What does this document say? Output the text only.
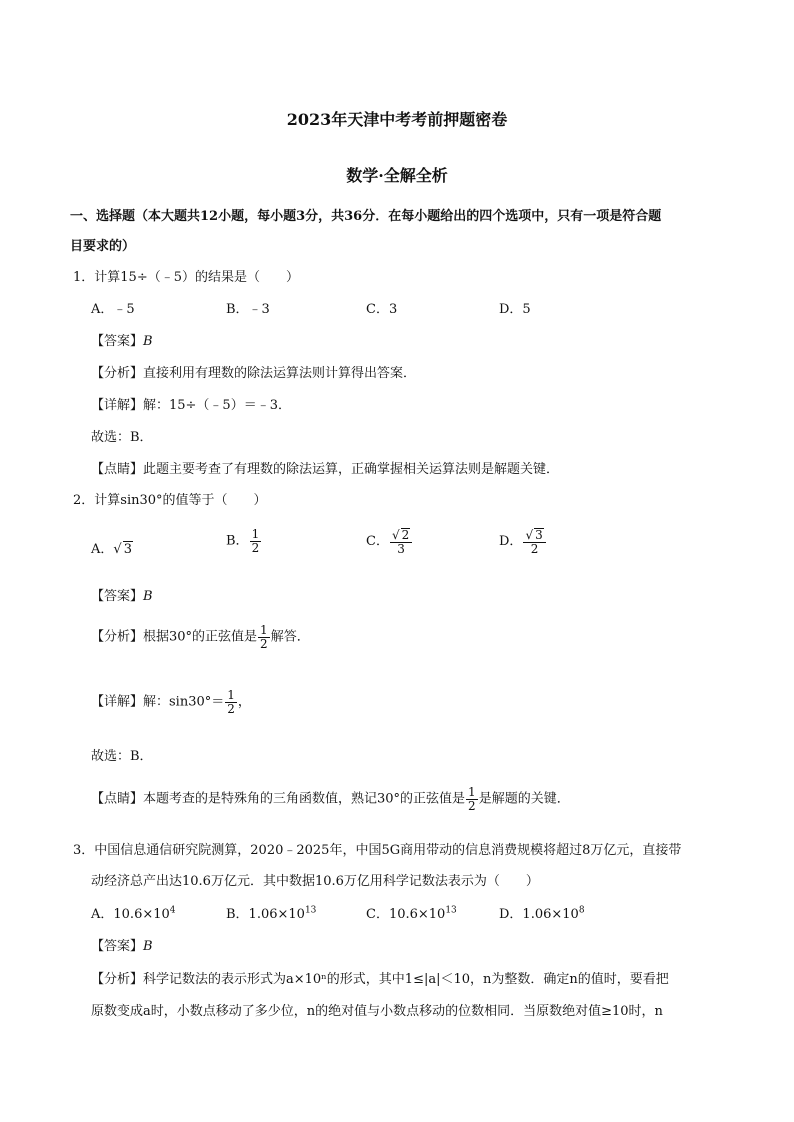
2023年天津中考考前押题密卷
数学·全解全析
一、选择题（本大题共12小题，每小题3分，共36分．在每小题给出的四个选项中，只有一项是符合题
目要求的）
1．计算15÷（﹣5）的结果是（　　）
A．﹣5	B．﹣3	C．3	D．5
【答案】B
【分析】直接利用有理数的除法运算法则计算得出答案．
【详解】解：15÷（﹣5）＝﹣3．
故选：B．
【点睛】此题主要考查了有理数的除法运算，正确掌握相关运算法则是解题关键．
2．计算sin30°的值等于（　　）
A．√ 3
B． $\frac{1}{2}$	C． $\frac{√ 2}{3}$	D． $\frac{√ 3}{2}$
【答案】B
【分析】根据30°的正弦值是 $\frac{1}{2}$ 解答．
【详解】解：$\sin 30^\circ= \frac{1}{2}$ ，
故选：B．
【点睛】本题考查的是特殊角的三角函数值，熟记30°的正弦值是 $\frac{1}{2}$ 是解题的关键．
3．中国信息通信研究院测算，2020﹣2025年，中国5G商用带动的信息消费规模将超过8万亿元，直接带
动经济总产出达10.6万亿元．其中数据10.6万亿用科学记数法表示为（　　）
A．$10.6\times 10^4$	B．$1.06\times 10^{13}$	C．$10.6\times 10^{13}$	D．$1.06\times 10^8$
【答案】B
【分析】科学记数法的表示形式为a×10ⁿ的形式，其中1≤|a|＜10，n为整数．确定n的值时，要看把
原数变成a时，小数点移动了多少位，n的绝对值与小数点移动的位数相同．当原数绝对值≥10时，n
